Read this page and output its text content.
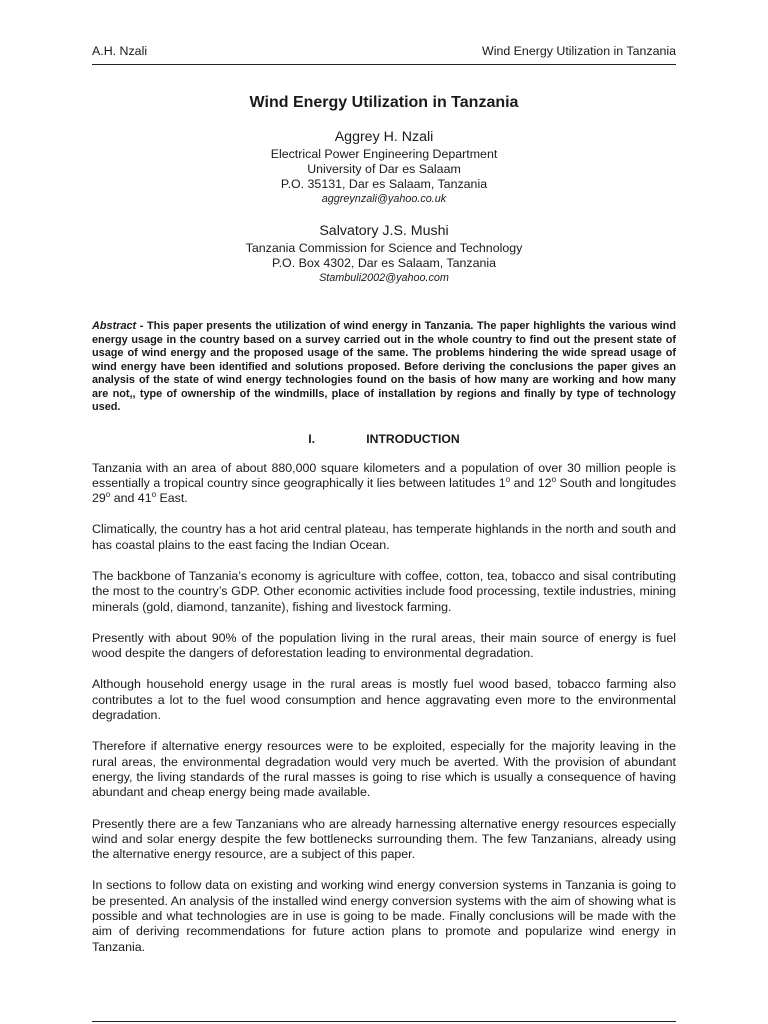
A.H. Nzali	Wind Energy Utilization in Tanzania
Wind Energy Utilization in Tanzania

Aggrey H. Nzali

Electrical Power Engineering Department

University of Dar es Salaam

P.O. 35131, Dar es Salaam, Tanzania

aggreynzali@yahoo.co.uk

Salvatory J.S. Mushi

Tanzania Commission for Science and Technology

P.O. Box 4302, Dar es Salaam, Tanzania

Stambuli2002@yahoo.com

Abstract - This paper presents the utilization of wind energy in Tanzania. The paper highlights the various wind energy usage in the country based on a survey carried out in the whole country to find out the present state of usage of wind energy and the proposed usage of the same. The problems hindering the wide spread usage of wind energy have been identified and solutions proposed. Before deriving the conclusions the paper gives an analysis of the state of wind energy technologies found on the basis of how many are working and how many are not,, type of ownership of the windmills, place of installation by regions and finally by type of technology used.

I.	INTRODUCTION

Tanzania with an area of about 880,000 square kilometers and a population of over 30 million people is essentially a tropical country since geographically it lies between latitudes 1$^o$ and 12$^o$ South and longitudes 29$^o$ and 41$^o$ East.

Climatically, the country has a hot arid central plateau, has temperate highlands in the north and south and has coastal plains to the east facing the Indian Ocean.

The backbone of Tanzania’s economy is agriculture with coffee, cotton, tea, tobacco and sisal contributing the most to the country’s GDP. Other economic activities include food processing, textile industries, mining minerals (gold, diamond, tanzanite), fishing and livestock farming.

Presently with about 90% of the population living in the rural areas, their main source of energy is fuel wood despite the dangers of deforestation leading to environmental degradation.

Although household energy usage in the rural areas is mostly fuel wood based, tobacco farming also contributes a lot to the fuel wood consumption and hence aggravating even more to the environmental degradation.

Therefore if alternative energy resources were to be exploited, especially for the majority leaving in the rural areas, the environmental degradation would very much be averted. With the provision of abundant energy, the living standards of the rural masses is going to rise which is usually a consequence of having abundant and cheap energy being made available.

Presently there are a few Tanzanians who are already harnessing alternative energy resources especially wind and solar energy despite the few bottlenecks surrounding them. The few Tanzanians, already using the alternative energy resource, are a subject of this paper.

In sections to follow data on existing and working wind energy conversion systems in Tanzania is going to be presented. An analysis of the installed wind energy conversion systems with the aim of showing what is possible and what technologies are in use is going to be made. Finally conclusions will be made with the aim of deriving recommendations for future action plans to promote and popularize wind energy in Tanzania.
